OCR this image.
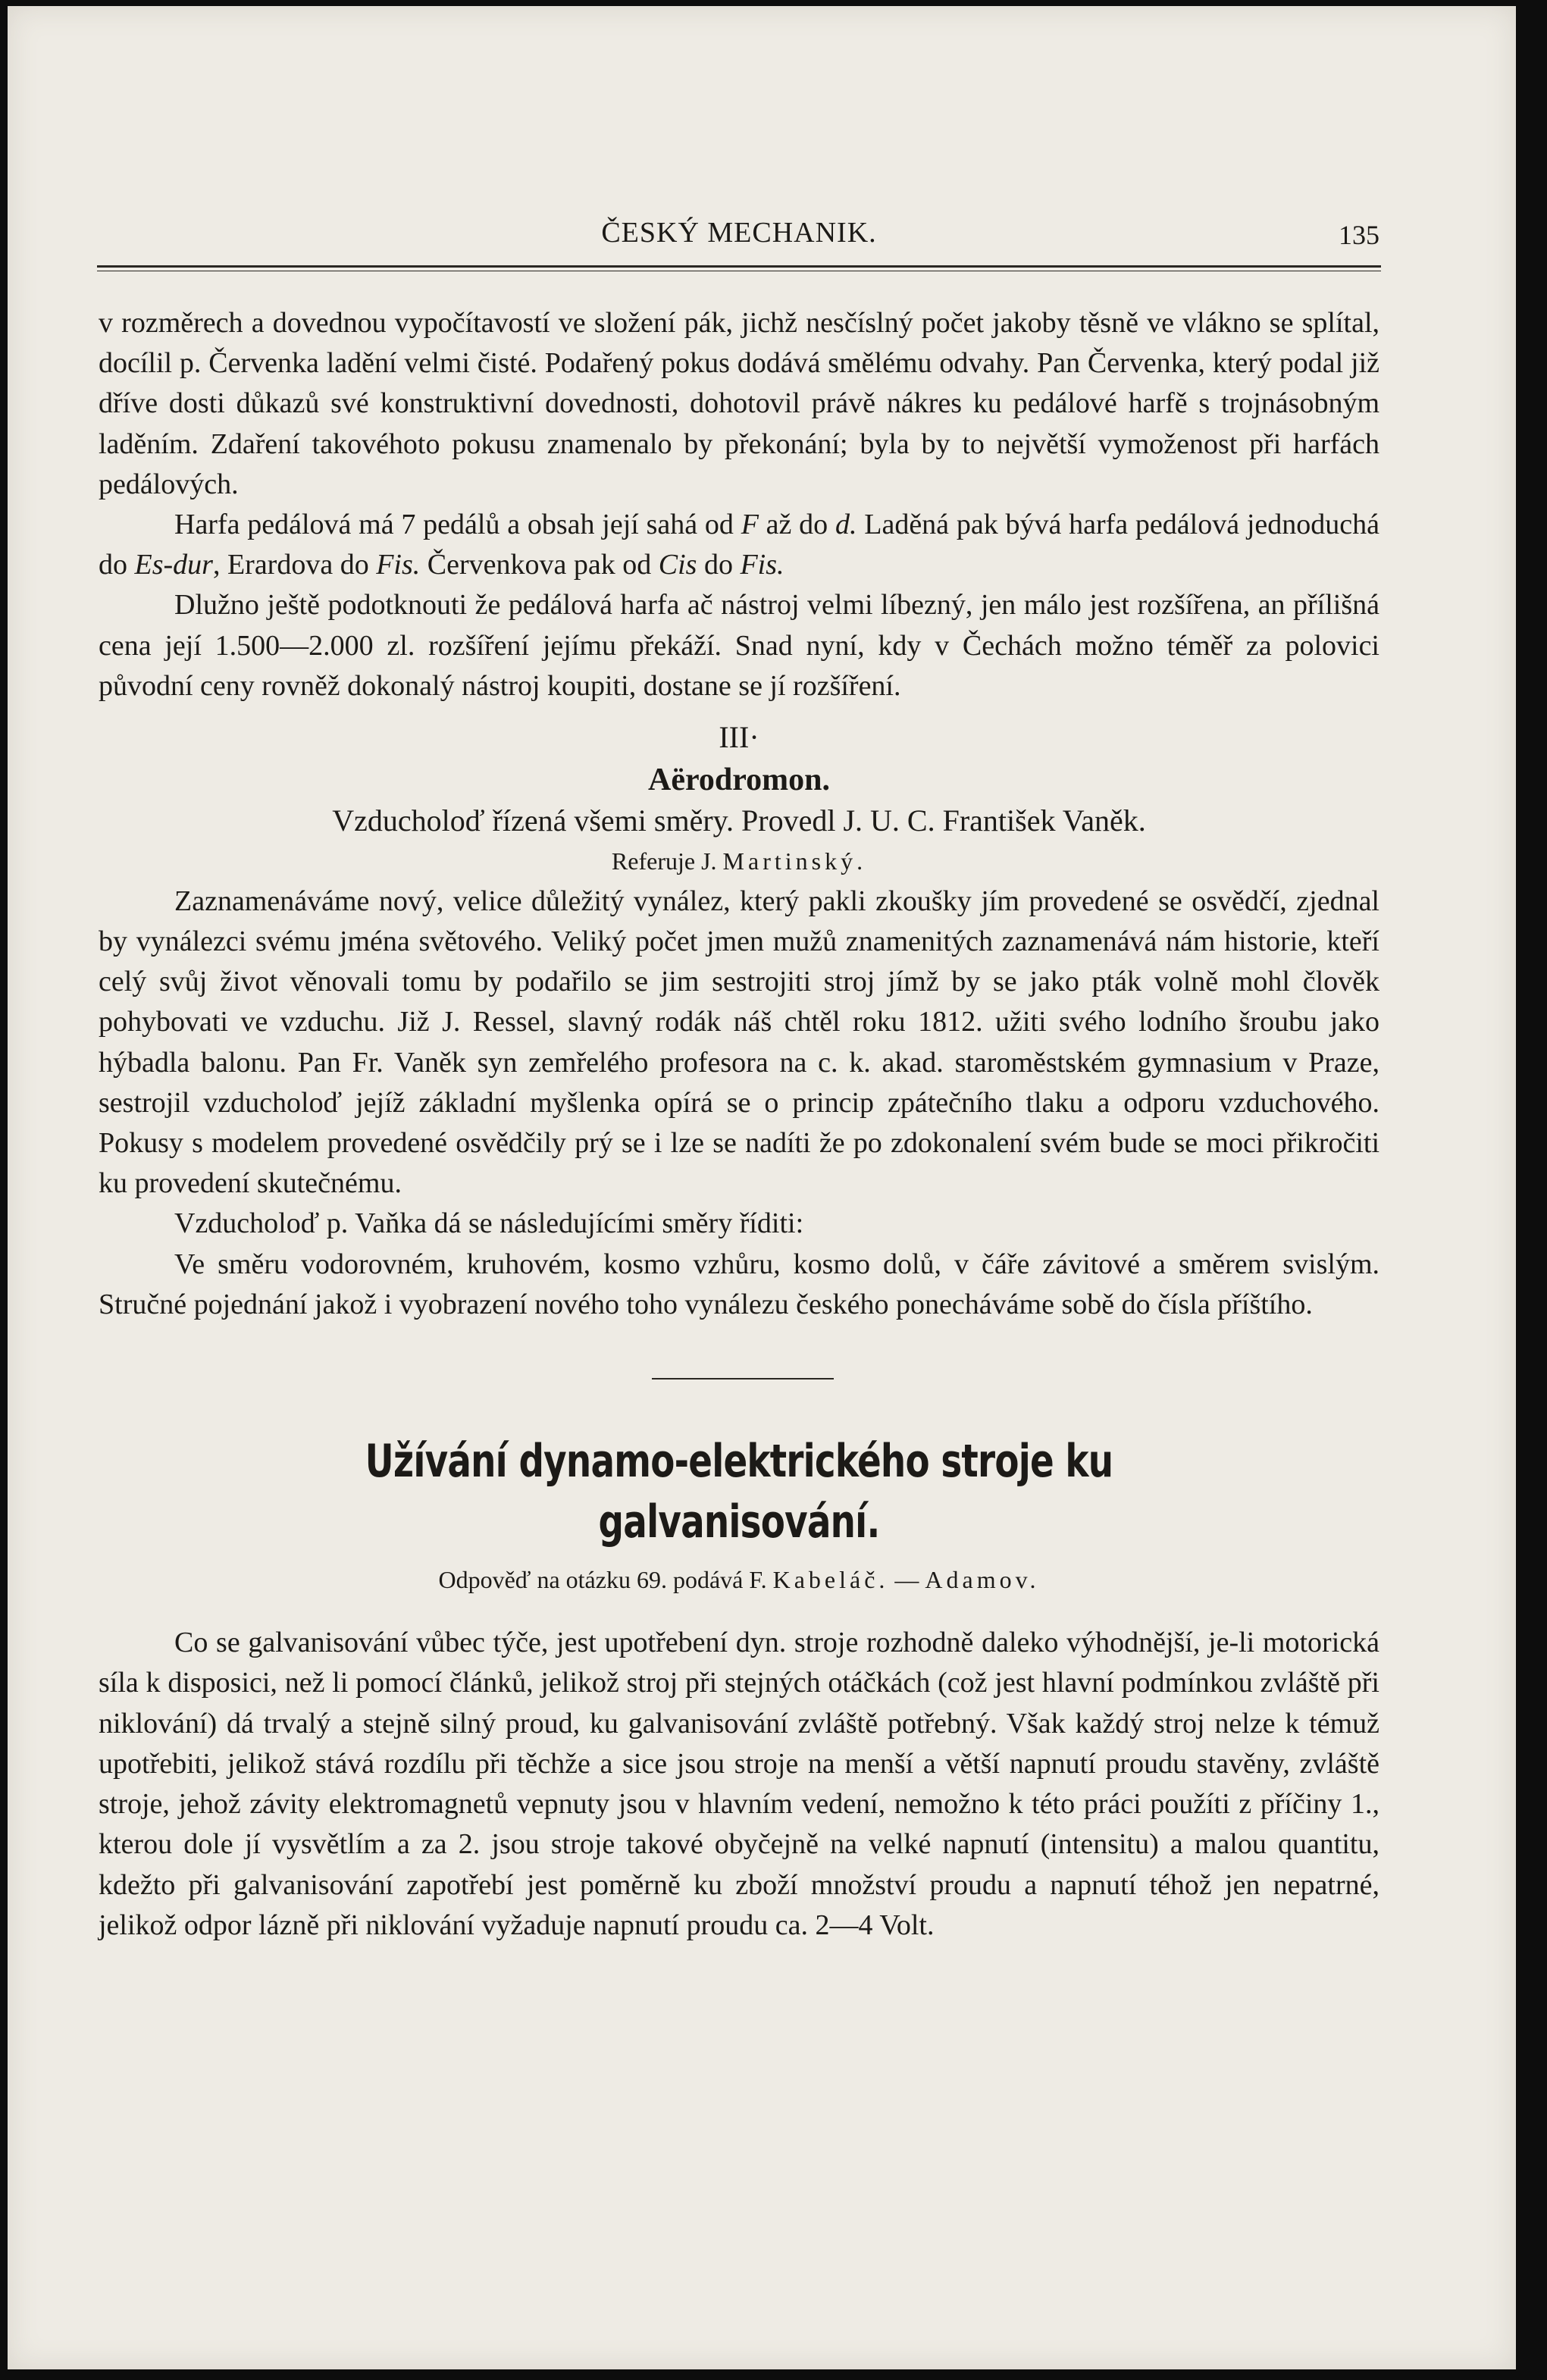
ČESKÝ MECHANIK.	135

v rozměrech a dovednou vypočítavostí ve složení pák, jichž nesčíslný počet jakoby těsně ve vlákno se splítal, docílil p. Červenka ladění velmi čisté. Podařený pokus dodává smělému odvahy. Pan Červenka, který podal již dříve dosti důkazů své konstruktivní dovednosti, dohotovil právě nákres ku pedálové harfě s trojnásobným laděním. Zdaření takovéhoto pokusu znamenalo by překonání; byla by to největší vymoženost při harfách pedálových.

Harfa pedálová má 7 pedálů a obsah její sahá od F až do d. Laděná pak bývá harfa pedálová jednoduchá do Es-dur, Erardova do Fis. Červenkova pak od Cis do Fis.

Dlužno ještě podotknouti že pedálová harfa ač nástroj velmi líbezný, jen málo jest rozšířena, an přílišná cena její 1.500—2.000 zl. rozšíření jejímu překáží. Snad nyní, kdy v Čechách možno téměř za polovici původní ceny rovněž dokonalý nástroj koupiti, dostane se jí rozšíření.

III·
Aërodromon.
Vzducholoď řízená všemi směry. Provedl J. U. C. František Vaněk.
Referuje J. Martinský.

Zaznamenáváme nový, velice důležitý vynález, který pakli zkoušky jím provedené se osvědčí, zjednal by vynálezci svému jména světového. Veliký počet jmen mužů znamenitých zaznamenává nám historie, kteří celý svůj život věnovali tomu by podařilo se jim sestrojiti stroj jímž by se jako pták volně mohl člověk pohybovati ve vzduchu. Již J. Ressel, slavný rodák náš chtěl roku 1812. užiti svého lodního šroubu jako hýbadla balonu. Pan Fr. Vaněk syn zemřelého profesora na c. k. akad. staroměstském gymnasium v Praze, sestrojil vzducholoď jejíž základní myšlenka opírá se o princip zpátečního tlaku a odporu vzduchového. Pokusy s modelem provedené osvědčily prý se i lze se nadíti že po zdokonalení svém bude se moci přikročiti ku provedení skutečnému.

Vzducholoď p. Vaňka dá se následujícími směry říditi:

Ve směru vodorovném, kruhovém, kosmo vzhůru, kosmo dolů, v čáře závitové a směrem svislým. Stručné pojednání jakož i vyobrazení nového toho vynálezu českého ponecháváme sobě do čísla příštího.

Užívání dynamo-elektrického stroje ku galvanisování.
Odpověď na otázku 69. podává F. Kabeláč. — Adamov.

Co se galvanisování vůbec týče, jest upotřebení dyn. stroje rozhodně daleko výhodnější, je-li motorická síla k disposici, než li pomocí článků, jelikož stroj při stejných otáčkách (což jest hlavní podmínkou zvláště při niklování) dá trvalý a stejně silný proud, ku galvanisování zvláště potřebný. Však každý stroj nelze k témuž upotřebiti, jelikož stává rozdílu při těchže a sice jsou stroje na menší a větší napnutí proudu stavěny, zvláště stroje, jehož závity elektromagnetů vepnuty jsou v hlavním vedení, nemožno k této práci použíti z příčiny 1., kterou dole jí vysvětlím a za 2. jsou stroje takové obyčejně na velké napnutí (intensitu) a malou quantitu, kdežto při galvanisování zapotřebí jest poměrně ku zboží množství proudu a napnutí téhož jen nepatrné, jelikož odpor lázně při niklování vyžaduje napnutí proudu ca. 2—4 Volt.
